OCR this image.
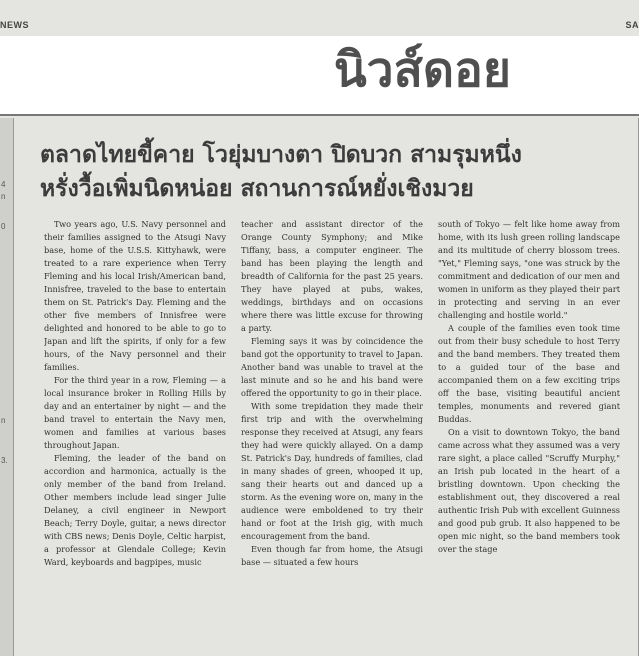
NEWS	SA
นิวส์ดอย
4
n
0
n
3.
ตลาดไทยขี้คาย โวยุ่มบางตา ปิดบวก สามรุมหนึ่ง
หรั่งวื้อเพิ่มนิดหน่อย สถานการณ์หยั่งเชิงมวย

Two years ago, U.S. Navy personnel and their families assigned to the Atsugi Navy base, home of the U.S.S. Kittyhawk, were treated to a rare experience when Terry Fleming and his local Irish/American band, Innisfree, traveled to the base to entertain them on St. Patrick's Day. Fleming and the other five members of Innisfree were delighted and honored to be able to go to Japan and lift the spirits, if only for a few hours, of the Navy personnel and their families.

For the third year in a row, Fleming — a local insurance broker in Rolling Hills by day and an entertainer by night — and the band travel to entertain the Navy men, women and families at various bases throughout Japan.

Fleming, the leader of the band on accordion and harmonica, actually is the only member of the band from Ireland. Other members include lead singer Julie Delaney, a civil engineer in Newport Beach; Terry Doyle, guitar, a news director with CBS news; Denis Doyle, Celtic harpist, a professor at Glendale College; Kevin Ward, keyboards and bagpipes, music

teacher and assistant director of the Orange County Symphony; and Mike Tiffany, bass, a computer engineer. The band has been playing the length and breadth of California for the past 25 years. They have played at pubs, wakes, weddings, birthdays and on occasions where there was little excuse for throwing a party.

Fleming says it was by coincidence the band got the opportunity to travel to Japan. Another band was unable to travel at the last minute and so he and his band were offered the opportunity to go in their place.

With some trepidation they made their first trip and with the overwhelming response they received at Atsugi, any fears they had were quickly allayed. On a damp St. Patrick's Day, hundreds of families, clad in many shades of green, whooped it up, sang their hearts out and danced up a storm. As the evening wore on, many in the audience were emboldened to try their hand or foot at the Irish gig, with much encouragement from the band.

Even though far from home, the Atsugi base — situated a few hours

south of Tokyo — felt like home away from home, with its lush green rolling landscape and its multitude of cherry blossom trees. "Yet," Fleming says, "one was struck by the commitment and dedication of our men and women in uniform as they played their part in protecting and serving in an ever challenging and hostile world."

A couple of the families even took time out from their busy schedule to host Terry and the band members. They treated them to a guided tour of the base and accompanied them on a few exciting trips off the base, visiting beautiful ancient temples, monuments and revered giant Buddas.

On a visit to downtown Tokyo, the band came across what they assumed was a very rare sight, a place called "Scruffy Murphy," an Irish pub located in the heart of a bristling downtown. Upon checking the establishment out, they discovered a real authentic Irish Pub with excellent Guinness and good pub grub. It also happened to be open mic night, so the band members took over the stage
